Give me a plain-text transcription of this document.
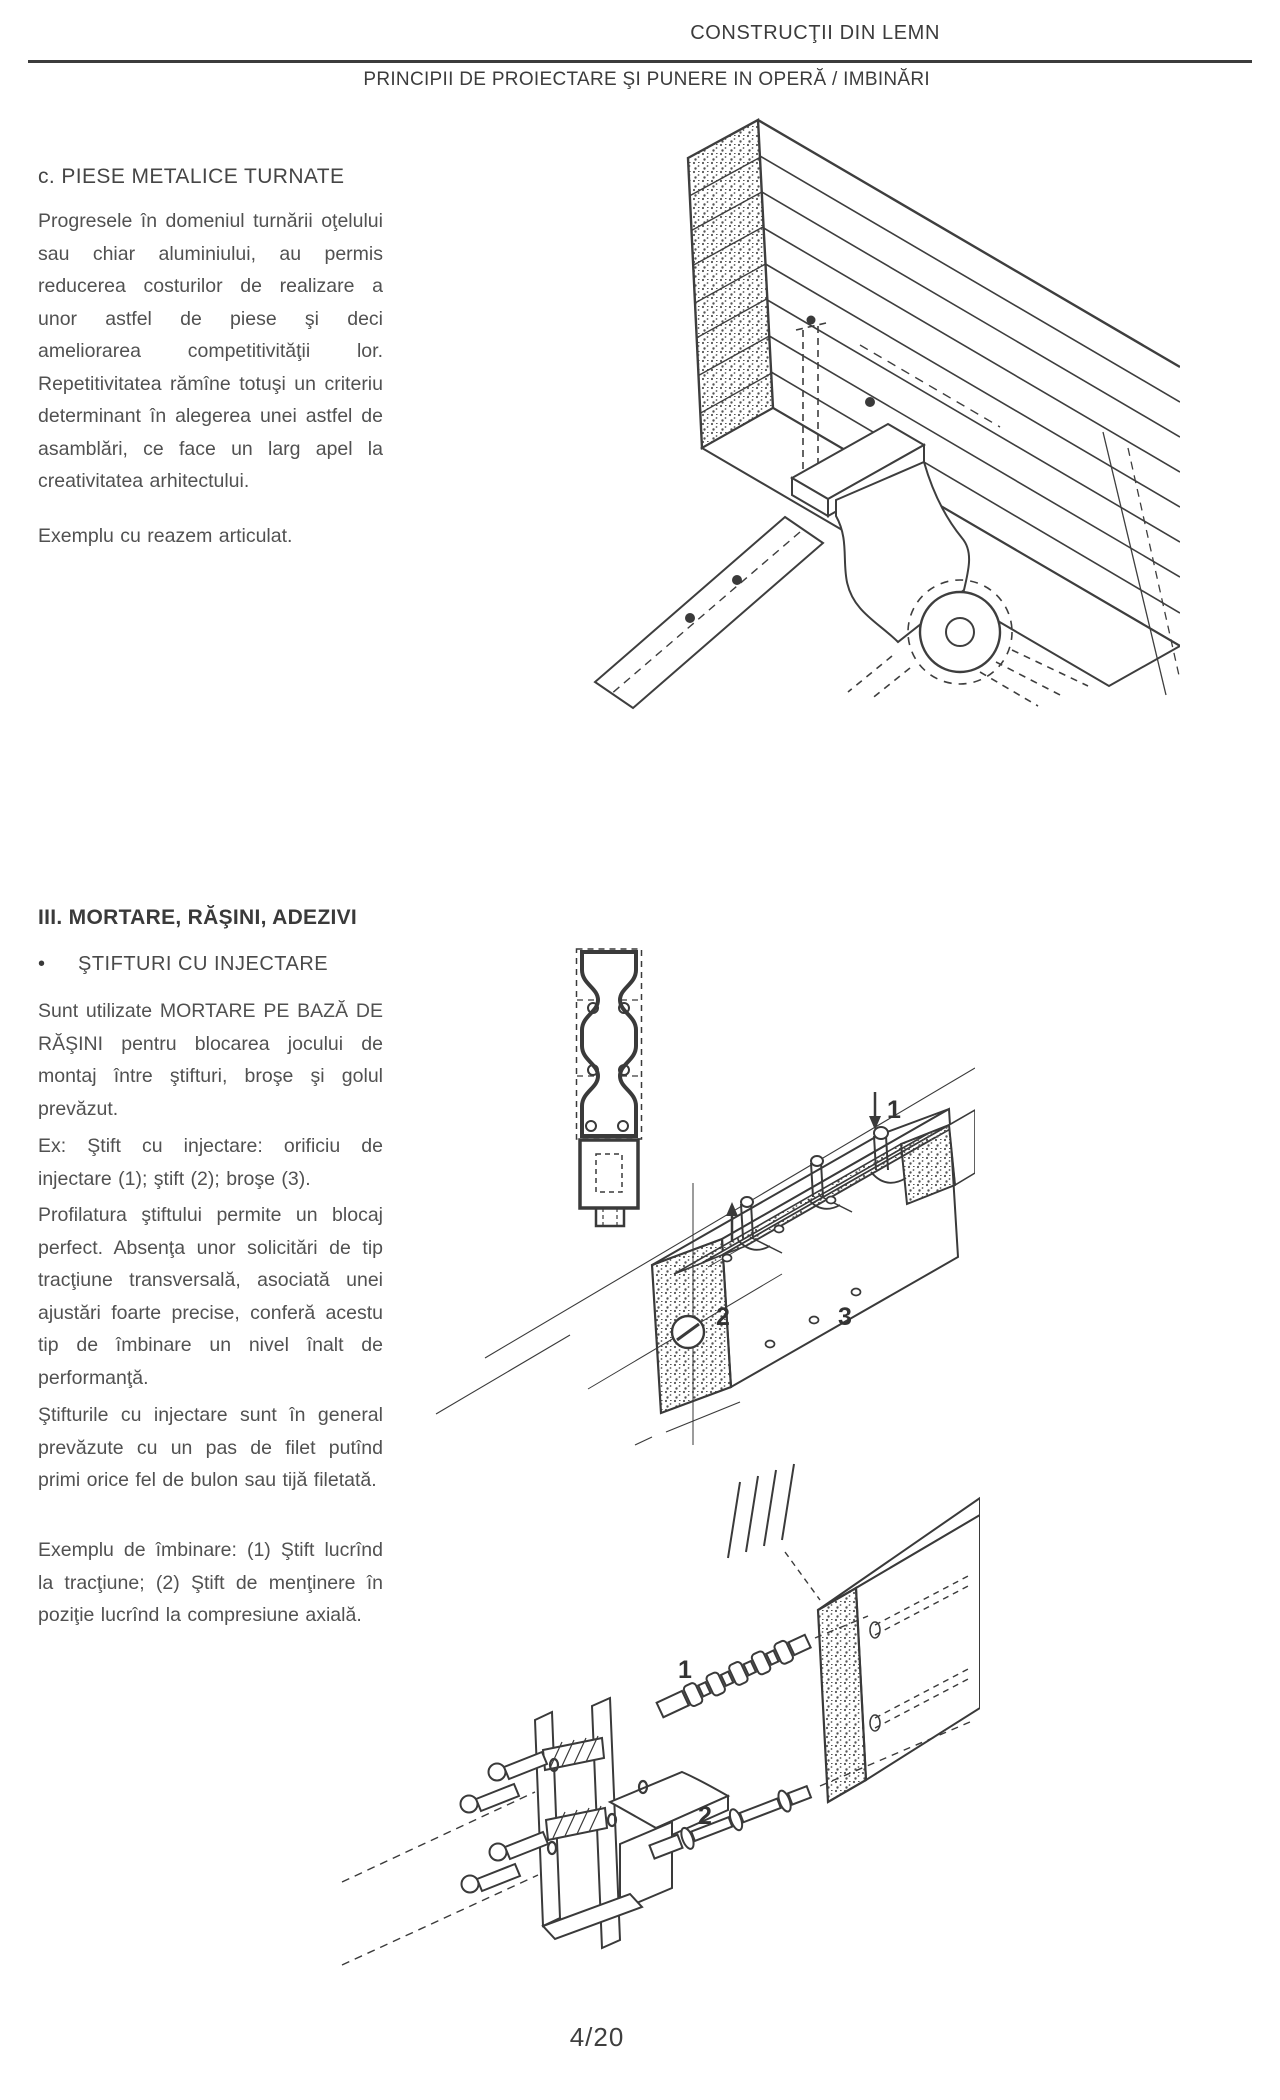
CONSTRUCŢII DIN LEMN
PRINCIPII DE PROIECTARE ŞI PUNERE IN OPERĂ / IMBINĂRI
c. PIESE METALICE TURNATE
Progresele în domeniul turnării oţelului sau chiar aluminiului, au permis reducerea costurilor de realizare a unor astfel de piese şi deci ameliorarea competitivităţii lor. Repetitivitatea rămîne totuşi un criteriu determinant în alegerea unei astfel de asamblări, ce face un larg apel la creativitatea arhitectului.
Exemplu cu reazem articulat.
III. MORTARE, RĂŞINI, ADEZIVI
•	ŞTIFTURI CU INJECTARE
Sunt utilizate MORTARE PE BAZĂ DE RĂŞINI pentru blocarea jocului de montaj între ştifturi, broşe şi golul prevăzut.
Ex: Ştift cu injectare: orificiu de injectare (1); ştift (2); broşe (3).
Profilatura ştiftului permite un blocaj perfect. Absenţa unor solicitări de tip tracţiune transversală, asociată unei ajustări foarte precise, conferă acestu tip de îmbinare un nivel înalt de performanţă.
Ştifturile cu injectare sunt în general prevăzute cu un pas de filet putînd primi orice fel de bulon sau tijă filetată.
Exemplu de îmbinare: (1) Ştift lucrînd la tracţiune; (2) Ştift de menţinere în poziţie lucrînd la compresiune axială.
1
2	3
1
2
4/20
